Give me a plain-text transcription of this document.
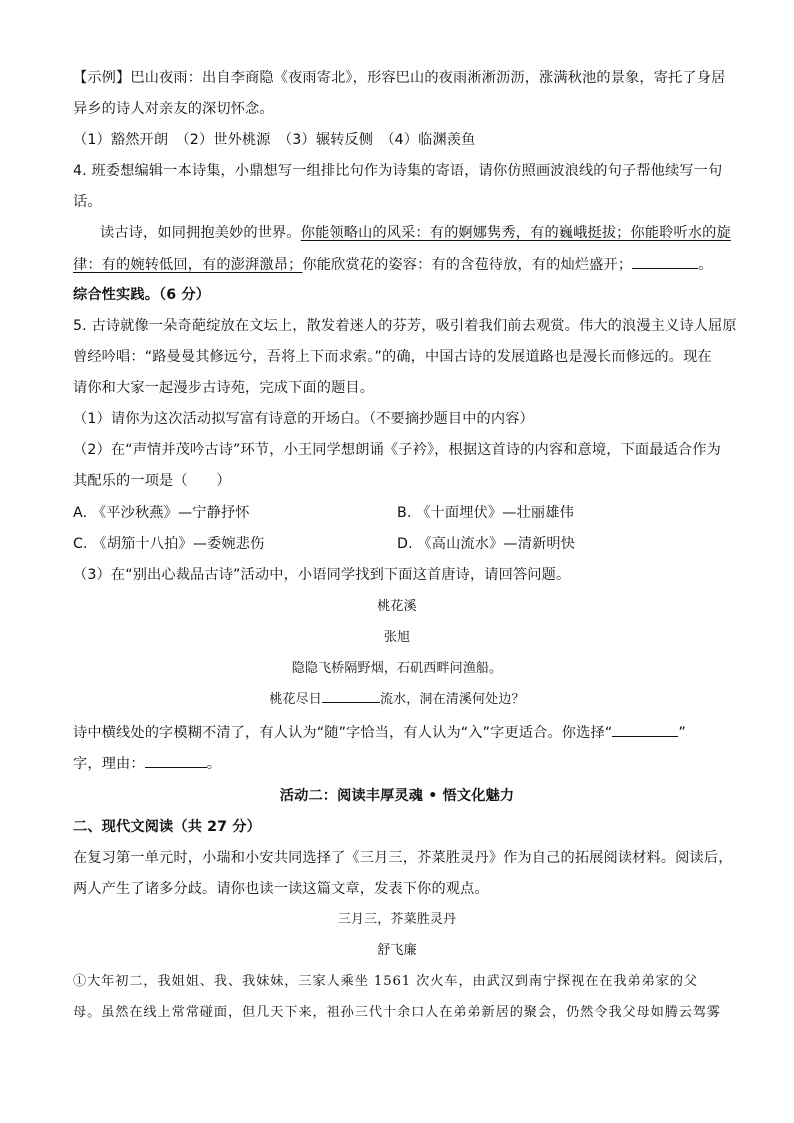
【示例】巴山夜雨：出自李商隐《夜雨寄北》，形容巴山的夜雨淅淅沥沥，涨满秋池的景象，寄托了身居
异乡的诗人对亲友的深切怀念。
（1）豁然开朗　（2）世外桃源　（3）辗转反侧　（4）临渊羡鱼
4. 班委想编辑一本诗集，小鼎想写一组排比句作为诗集的寄语，请你仿照画波浪线的句子帮他续写一句
话。
读古诗，如同拥抱美妙的世界。你能领略山的风采：有的婀娜隽秀，有的巍峨挺拔；你能聆听水的旋
律：有的婉转低回，有的澎湃激昂；你能欣赏花的姿容：有的含苞待放，有的灿烂盛开；	。
综合性实践。（6 分）
5. 古诗就像一朵奇葩绽放在文坛上，散发着迷人的芬芳，吸引着我们前去观赏。伟大的浪漫主义诗人屈原
曾经吟唱：“路曼曼其修远兮，吾将上下而求索。”的确，中国古诗的发展道路也是漫长而修远的。现在
请你和大家一起漫步古诗苑，完成下面的题目。
（1）请你为这次活动拟写富有诗意的开场白。（不要摘抄题目中的内容）
（2）在“声情并茂吟古诗”环节，小王同学想朗诵《子衿》，根据这首诗的内容和意境，下面最适合作为
其配乐的一项是（　　）
A. 《平沙秋燕》—宁静抒怀	B. 《十面埋伏》—壮丽雄伟
C. 《胡笳十八拍》—委婉悲伤	D. 《高山流水》—清新明快
（3）在“别出心裁品古诗”活动中，小语同学找到下面这首唐诗，请回答问题。
桃花溪
张旭
隐隐飞桥隔野烟，石矶西畔问渔船。
桃花尽日	流水，洞在清溪何处边？
诗中横线处的字模糊不清了，有人认为“随”字恰当，有人认为“入”字更适合。你选择“	”
字，理由：	。
活动二：阅读丰厚灵魂 • 悟文化魅力
二、现代文阅读（共 27 分）
在复习第一单元时，小瑞和小安共同选择了《三月三，芥菜胜灵丹》作为自己的拓展阅读材料。阅读后，
两人产生了诸多分歧。请你也读一读这篇文章，发表下你的观点。
三月三，芥菜胜灵丹
舒飞廉
①大年初二，我姐姐、我、我妹妹，三家人乘坐 1561 次火车，由武汉到南宁探视在在我弟弟家的父
母。虽然在线上常常碰面，但几天下来，祖孙三代十余口人在弟弟新居的聚会，仍然令我父母如腾云驾雾
